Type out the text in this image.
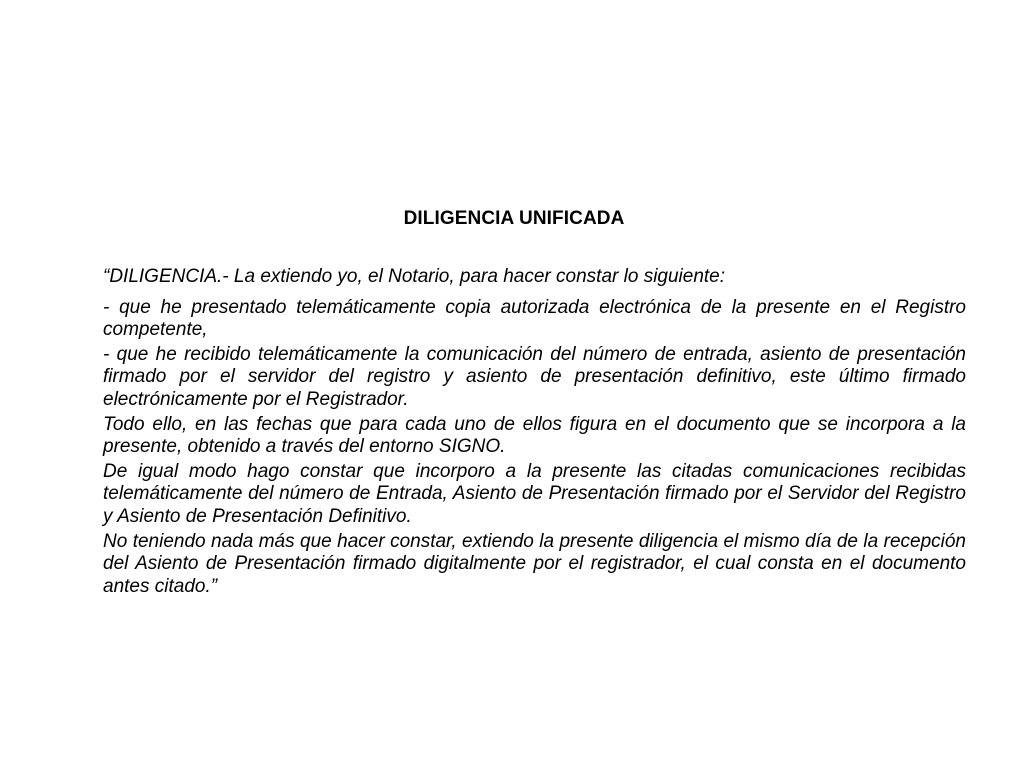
DILIGENCIA UNIFICADA

“DILIGENCIA.- La extiendo yo, el Notario, para hacer constar lo siguiente:

- que he presentado telemáticamente copia autorizada electrónica de la presente en el Registro competente,

- que he recibido telemáticamente la comunicación del número de entrada, asiento de presentación firmado por el servidor del registro y asiento de presentación definitivo, este último firmado electrónicamente por el Registrador.

Todo ello, en las fechas que para cada uno de ellos figura en el documento que se incorpora a la presente, obtenido a través del entorno SIGNO.

De igual modo hago constar que incorporo a la presente las citadas comunicaciones recibidas telemáticamente del número de Entrada, Asiento de Presentación firmado por el Servidor del Registro y Asiento de Presentación Definitivo.

No teniendo nada más que hacer constar, extiendo la presente diligencia el mismo día de la recepción del Asiento de Presentación firmado digitalmente por el registrador, el cual consta en el documento antes citado.”
